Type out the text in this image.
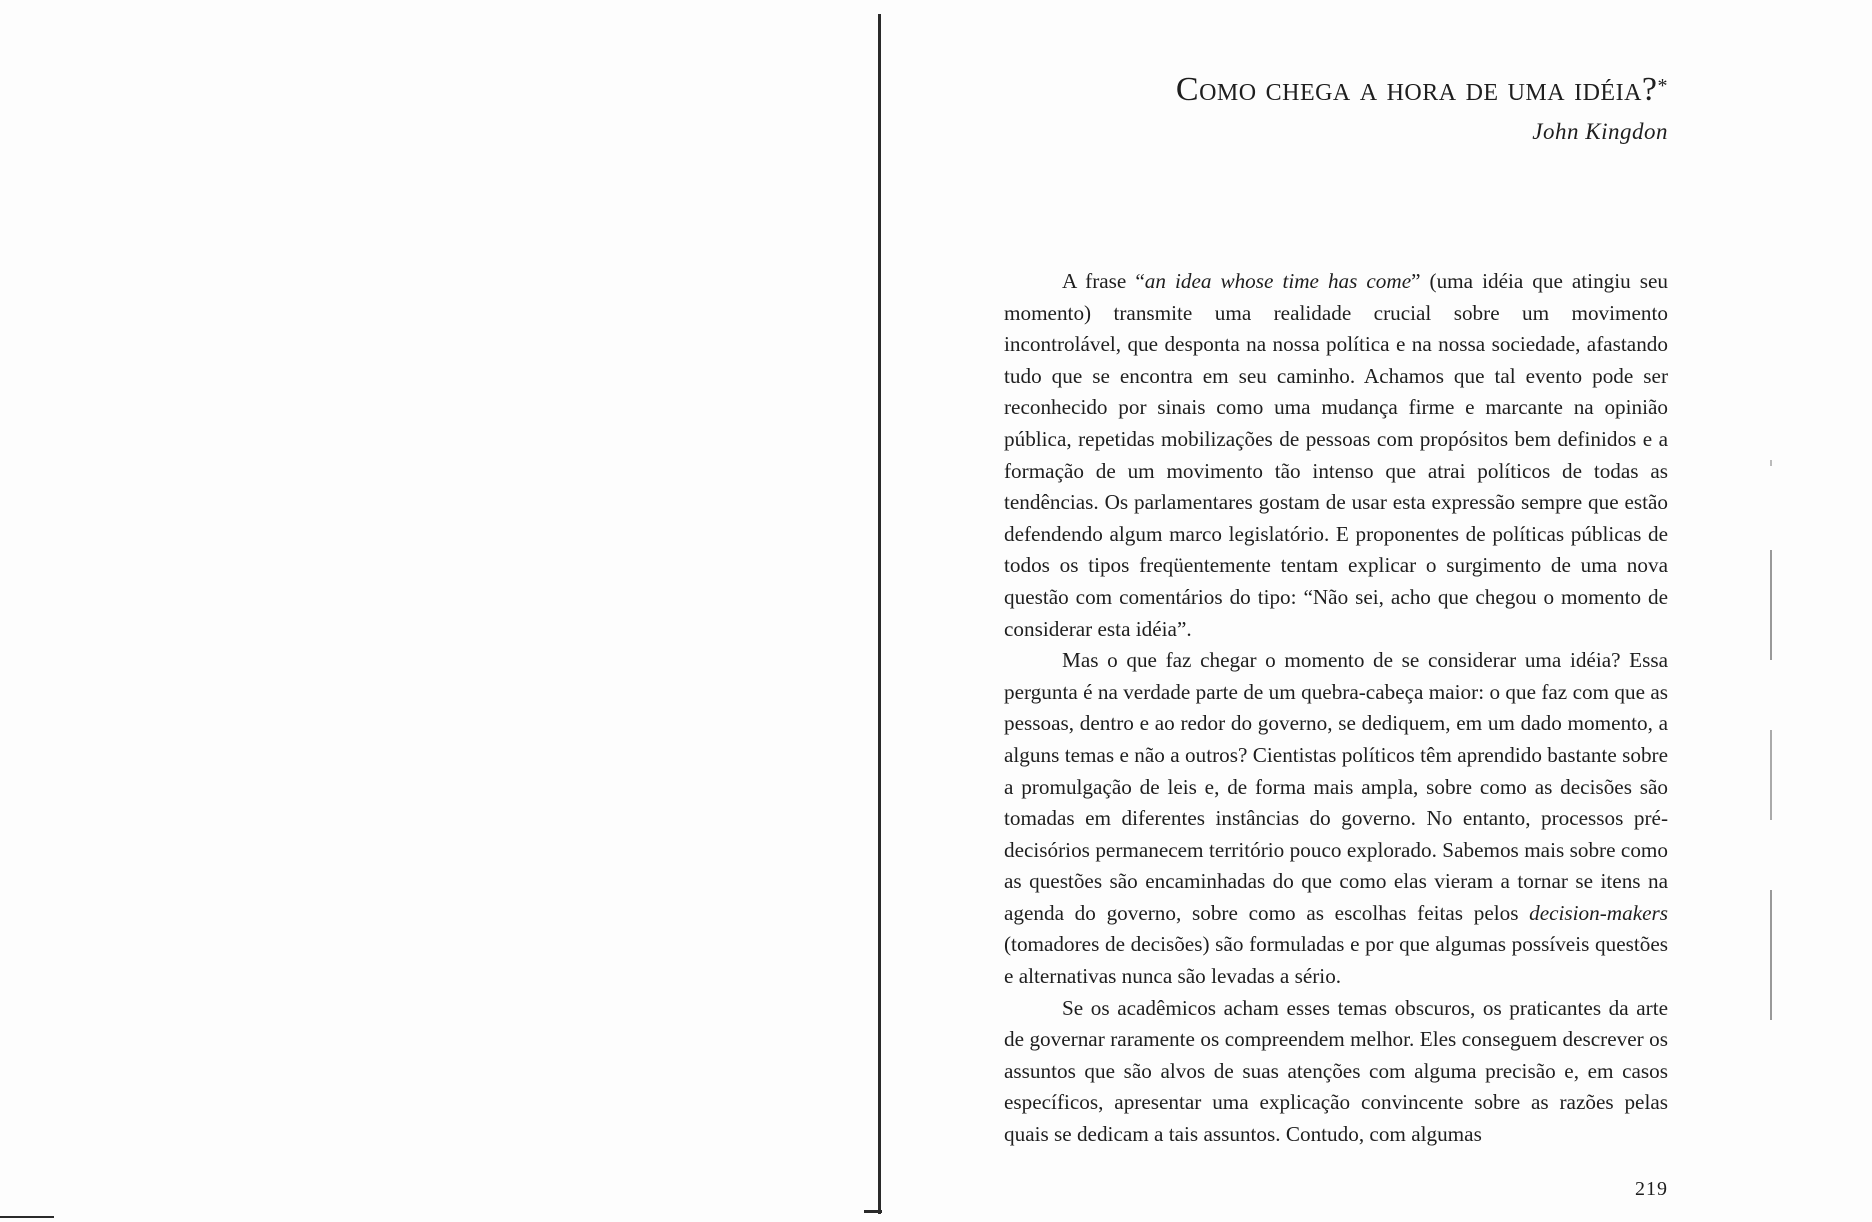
Como chega a hora de uma idéia?*
John Kingdon

A frase “an idea whose time has come” (uma idéia que atingiu seu momento) transmite uma realidade crucial sobre um movimento incontrolável, que desponta na nossa política e na nossa sociedade, afastando tudo que se encontra em seu caminho. Achamos que tal evento pode ser reconhecido por sinais como uma mudança firme e marcante na opinião pública, repetidas mobilizações de pessoas com propósitos bem definidos e a formação de um movimento tão intenso que atrai políticos de todas as tendências. Os parlamentares gostam de usar esta expressão sempre que estão defendendo algum marco legislatório. E proponentes de políticas públicas de todos os tipos freqüentemente tentam explicar o surgimento de uma nova questão com comentários do tipo: “Não sei, acho que chegou o momento de considerar esta idéia”.

Mas o que faz chegar o momento de se considerar uma idéia? Essa pergunta é na verdade parte de um quebra-cabeça maior: o que faz com que as pessoas, dentro e ao redor do governo, se dediquem, em um dado momento, a alguns temas e não a outros? Cientistas políticos têm aprendido bastante sobre a promulgação de leis e, de forma mais ampla, sobre como as decisões são tomadas em diferentes instâncias do governo. No entanto, processos pré-decisórios permanecem território pouco explorado. Sabemos mais sobre como as questões são encaminhadas do que como elas vieram a tornar se itens na agenda do governo, sobre como as escolhas feitas pelos decision-makers (tomadores de decisões) são formuladas e por que algumas possíveis questões e alternativas nunca são levadas a sério.

Se os acadêmicos acham esses temas obscuros, os praticantes da arte de governar raramente os compreendem melhor. Eles conseguem descrever os assuntos que são alvos de suas atenções com alguma precisão e, em casos específicos, apresentar uma explicação convincente sobre as razões pelas quais se dedicam a tais assuntos. Contudo, com algumas

219
